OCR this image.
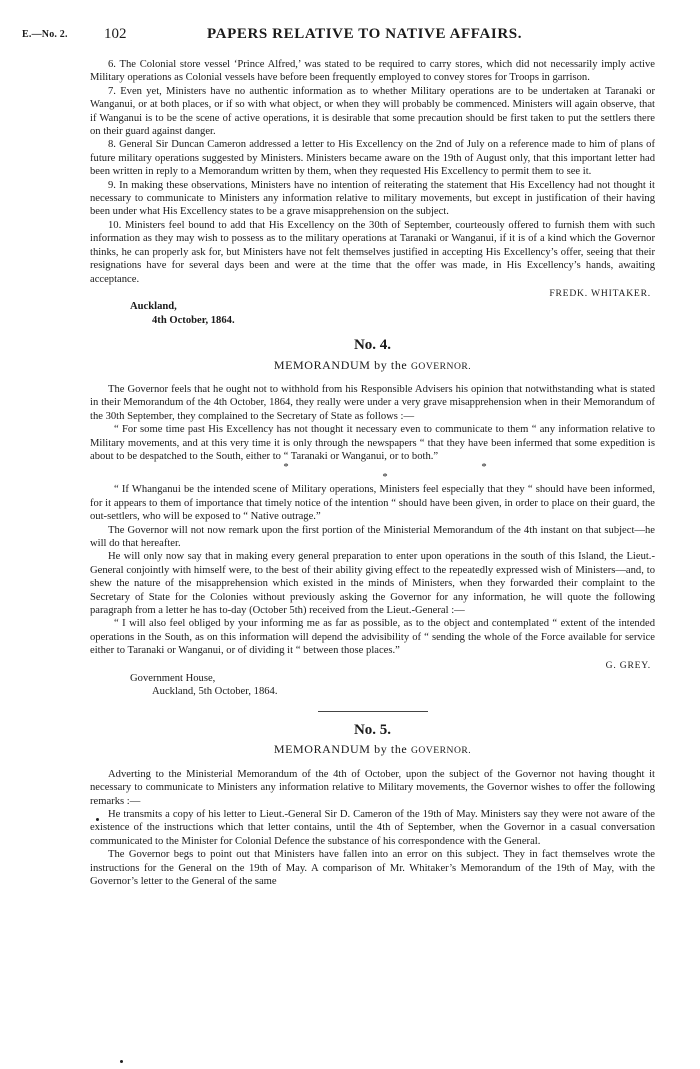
E.—No. 2. 102	PAPERS RELATIVE TO NATIVE AFFAIRS.

6. The Colonial store vessel ‘Prince Alfred,’ was stated to be required to carry stores, which did not necessarily imply active Military operations as Colonial vessels have before been frequently employed to convey stores for Troops in garrison.

7. Even yet, Ministers have no authentic information as to whether Military operations are to be undertaken at Taranaki or Wanganui, or at both places, or if so with what object, or when they will probably be commenced. Ministers will again observe, that if Wanganui is to be the scene of active operations, it is desirable that some precaution should be first taken to put the settlers there on their guard against danger.

8. General Sir Duncan Cameron addressed a letter to His Excellency on the 2nd of July on a reference made to him of plans of future military operations suggested by Ministers. Ministers became aware on the 19th of August only, that this important letter had been written in reply to a Memorandum written by them, when they requested His Excellency to permit them to see it.

9. In making these observations, Ministers have no intention of reiterating the statement that His Excellency had not thought it necessary to communicate to Ministers any information relative to military movements, but except in justification of their having been under what His Excellency states to be a grave misapprehension on the subject.

10. Ministers feel bound to add that His Excellency on the 30th of September, courteously offered to furnish them with such information as they may wish to possess as to the military operations at Taranaki or Wanganui, if it is of a kind which the Governor thinks, he can properly ask for, but Ministers have not felt themselves justified in accepting His Excellency’s offer, seeing that their resignations have for several days been and were at the time that the offer was made, in His Excellency’s hands, awaiting acceptance.

FREDK. WHITAKER.
Auckland,
4th October, 1864.
No. 4.
MEMORANDUM by the GOVERNOR.

The Governor feels that he ought not to withhold from his Responsible Advisers his opinion that notwithstanding what is stated in their Memorandum of the 4th October, 1864, they really were under a very grave misapprehension when in their Memorandum of the 30th September, they complained to the Secretary of State as follows :—

“ For some time past His Excellency has not thought it necessary even to communicate to them “ any information relative to Military movements, and at this very time it is only through the newspapers “ that they have been infermed that some expedition is about to be despatched to the South, either to “ Taranaki or Wanganui, or to both.”

* * *

“ If Whanganui be the intended scene of Military operations, Ministers feel especially that they “ should have been informed, for it appears to them of importance that timely notice of the intention “ should have been given, in order to place on their guard, the out-settlers, who will be exposed to “ Native outrage.”

The Governor will not now remark upon the first portion of the Ministerial Memorandum of the 4th instant on that subject—he will do that hereafter.

He will only now say that in making every general preparation to enter upon operations in the south of this Island, the Lieut.-General conjointly with himself were, to the best of their ability giving effect to the repeatedly expressed wish of Ministers—and, to shew the nature of the misapprehension which existed in the minds of Ministers, when they forwarded their complaint to the Secretary of State for the Colonies without previously asking the Governor for any information, he will quote the following paragraph from a letter he has to-day (October 5th) received from the Lieut.-General :—

“ I will also feel obliged by your informing me as far as possible, as to the object and contemplated “ extent of the intended operations in the South, as on this information will depend the advisibility of “ sending the whole of the Force available for service either to Taranaki or Wanganui, or of dividing it “ between those places.”

G. GREY.
Government House,
Auckland, 5th October, 1864.
No. 5.
MEMORANDUM by the GOVERNOR.

Adverting to the Ministerial Memorandum of the 4th of October, upon the subject of the Governor not having thought it necessary to communicate to Ministers any information relative to Military movements, the Governor wishes to offer the following remarks :—

He transmits a copy of his letter to Lieut.-General Sir D. Cameron of the 19th of May. Ministers say they were not aware of the existence of the instructions which that letter contains, until the 4th of September, when the Governor in a casual conversation communicated to the Minister for Colonial Defence the substance of his correspondence with the General.

The Governor begs to point out that Ministers have fallen into an error on this subject. They in fact themselves wrote the instructions for the General on the 19th of May. A comparison of Mr. Whitaker’s Memorandum of the 19th of May, with the Governor’s letter to the General of the same
